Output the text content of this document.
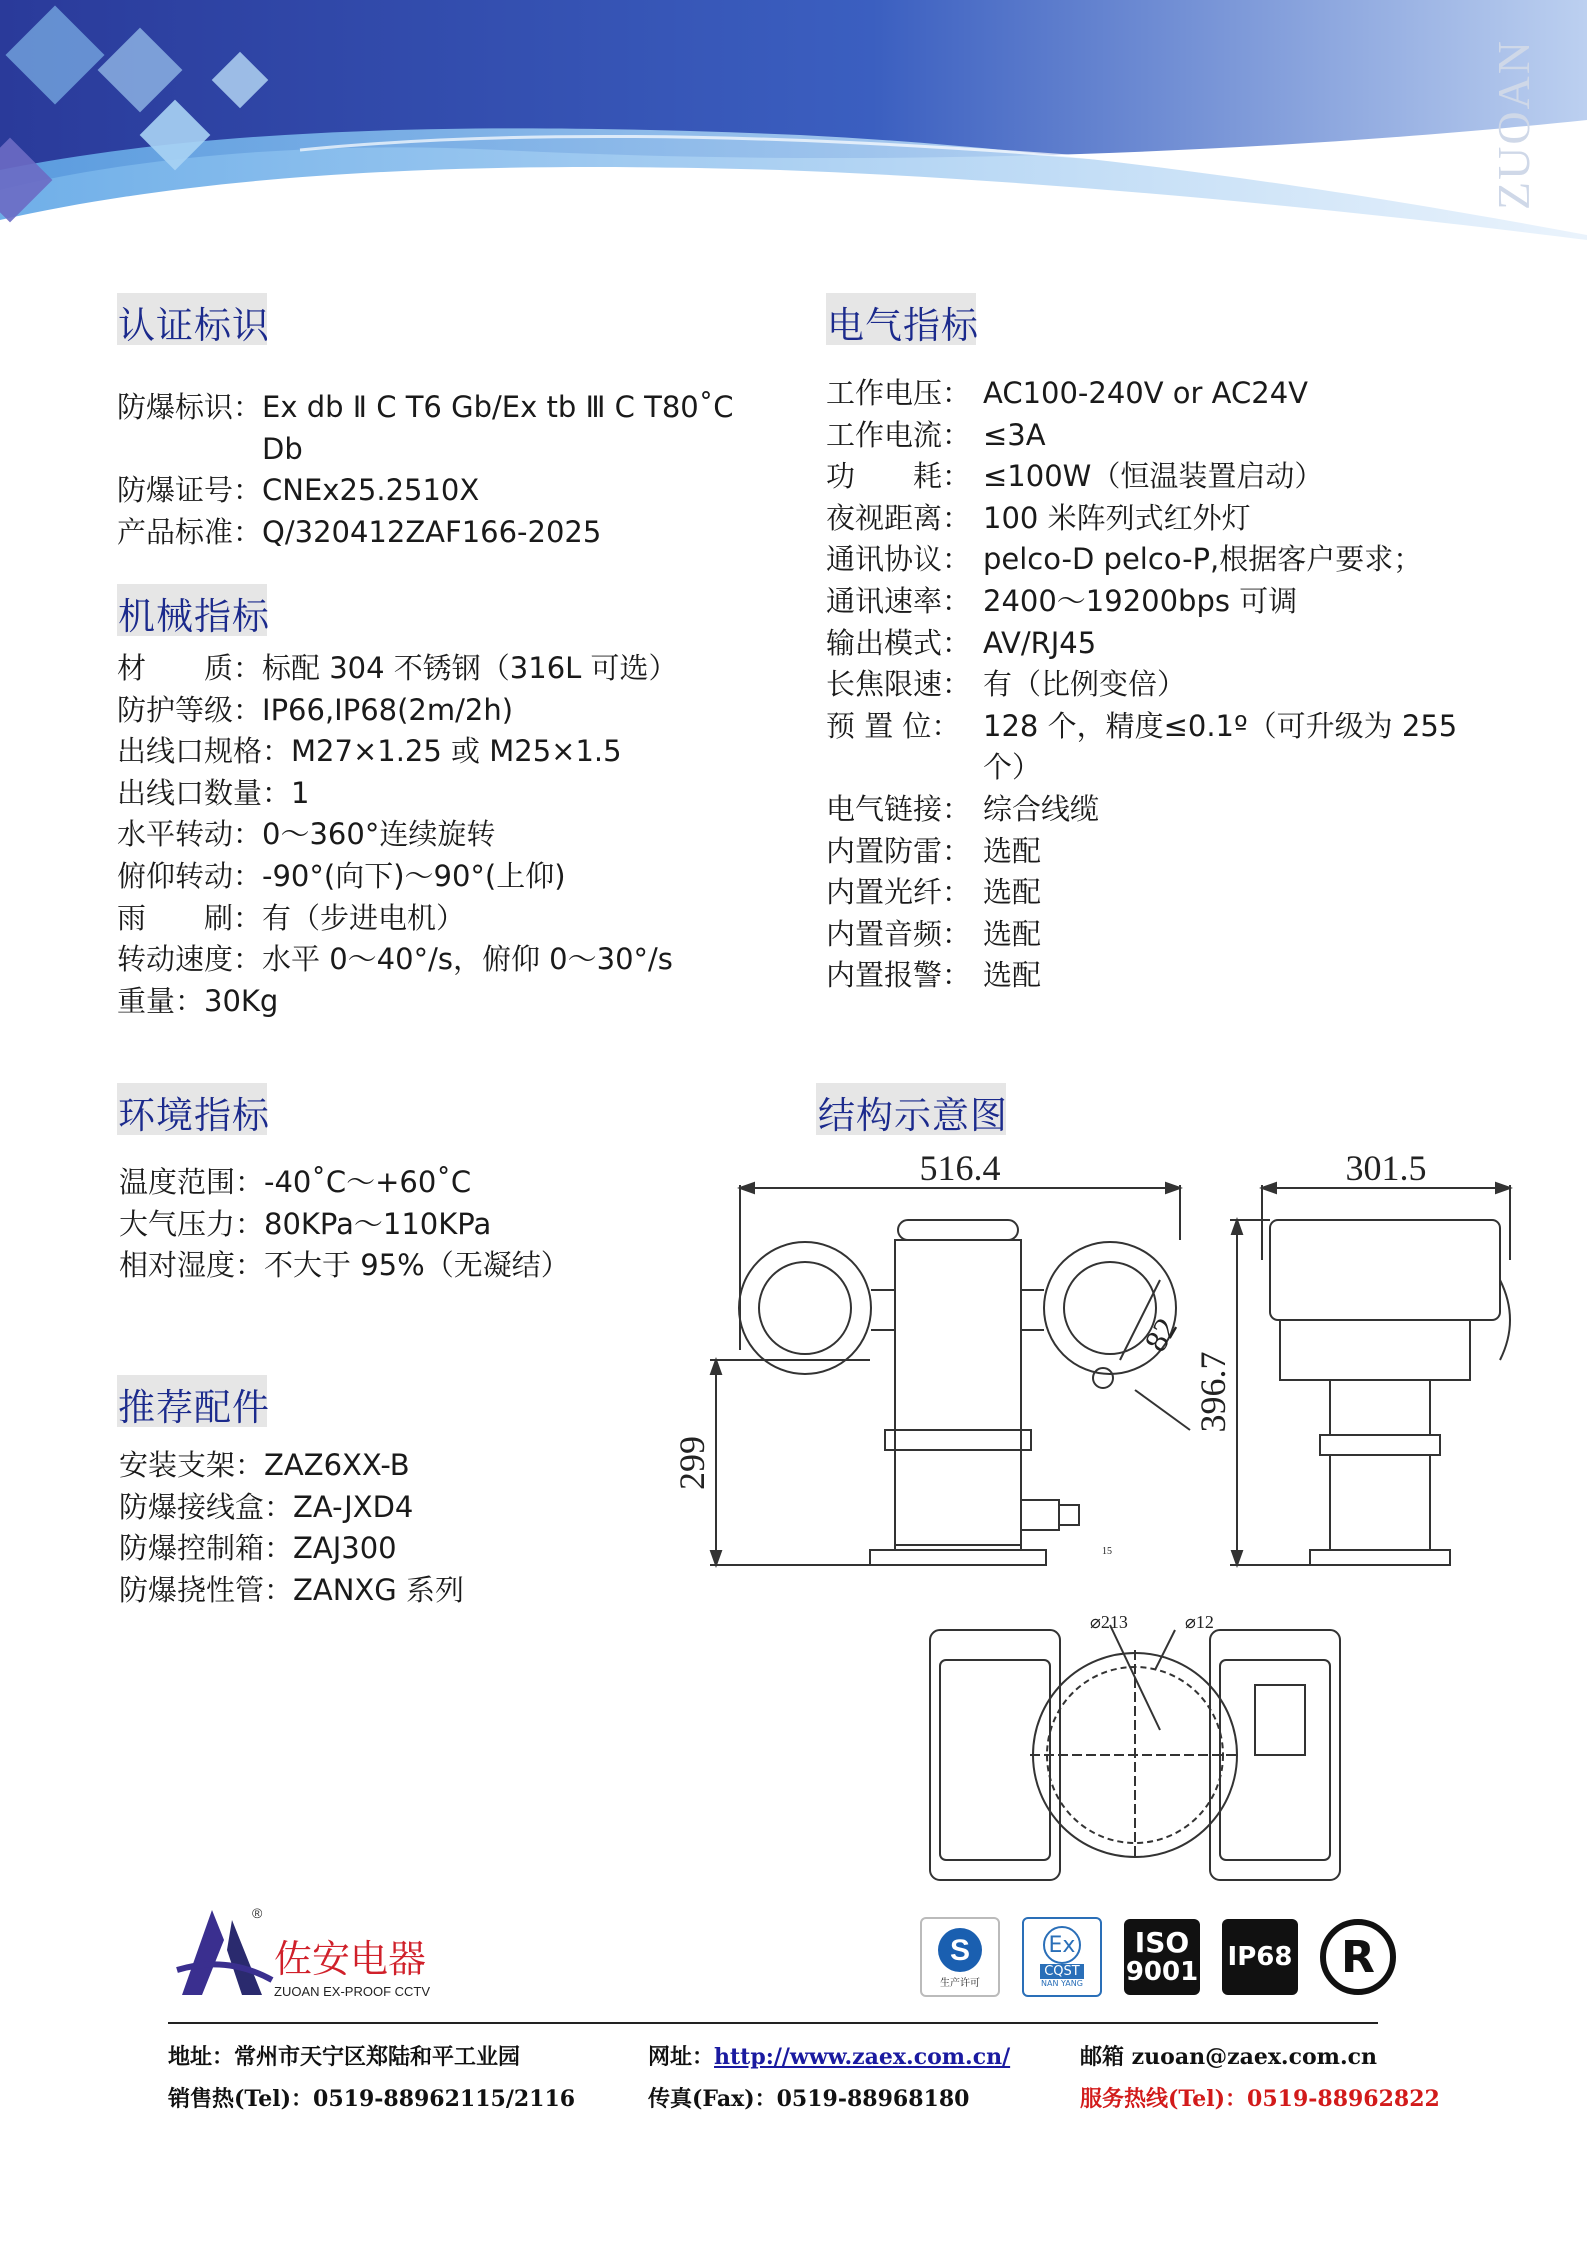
ZUOAN
认证标识
防爆标识： Ex db Ⅱ C T6 Gb/Ex tb Ⅲ C T80˚C Db
防爆证号： CNEx25.2510X
产品标准： Q/320412ZAF166-2025
机械指标
材　　质： 标配 304 不锈钢（316L 可选）
防护等级： IP66,IP68(2m/2h)
出线口规格： M27×1.25 或 M25×1.5
出线口数量： 1
水平转动： 0～360°连续旋转
俯仰转动： -90°(向下)～90°(上仰)
雨　　刷： 有（步进电机）
转动速度： 水平 0～40°/s，俯仰 0～30°/s
重量： 30Kg
电气指标
工作电压： AC100-240V or AC24V
工作电流： ≤3A
功　　耗： ≤100W（恒温装置启动）
夜视距离： 100 米阵列式红外灯
通讯协议： pelco-D pelco-P,根据客户要求；
通讯速率： 2400～19200bps 可调
输出模式： AV/RJ45
长焦限速： 有（比例变倍）
预 置 位： 128 个，精度≤0.1º（可升级为 255 个）
电气链接： 综合线缆
内置防雷： 选配
内置光纤： 选配
内置音频： 选配
内置报警： 选配
环境指标
温度范围： -40˚C～+60˚C
大气压力： 80KPa～110KPa
相对湿度： 不大于 95%（无凝结）
推荐配件
安装支架： ZAZ6XX-B
防爆接线盒： ZA-JXD4
防爆控制箱： ZAJ300
防爆挠性管： ZANXG 系列
结构示意图
516.4	301.5
299
396.7
82
15
⌀213	⌀12
®
佐安电器
ZUOAN EX-PROOF CCTV
S
生产许可
Ex
CQST
NAN YANG
ISO
9001 IP68 R
地址：常州市天宁区郑陆和平工业园	网址：http://www.zaex.com.cn/	邮箱 zuoan@zaex.com.cn
销售热(Tel)：0519-88962115/2116	传真(Fax)：0519-88968180	服务热线(Tel)：0519-88962822
